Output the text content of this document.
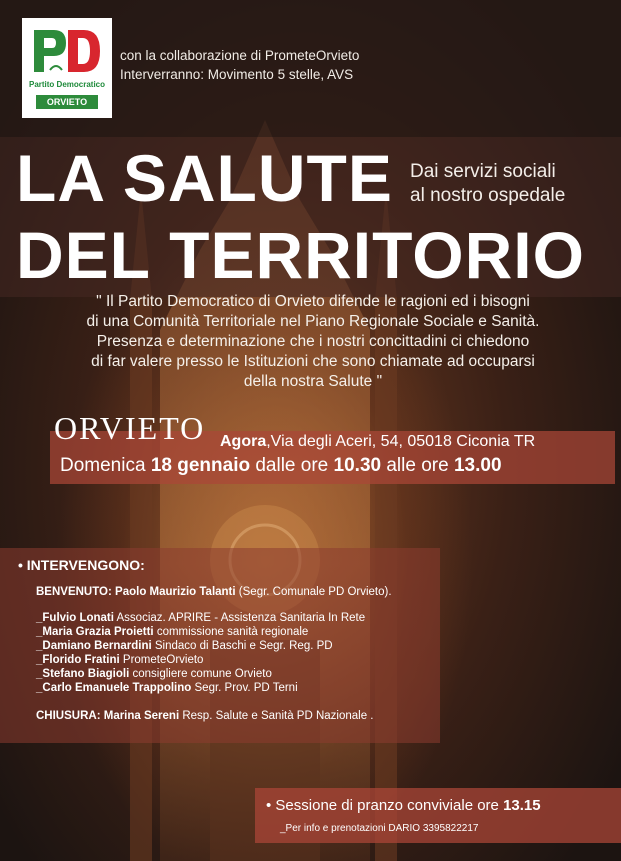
Partito Democratico
ORVIETO
con la collaborazione di PrometeOrvieto
Interverranno: Movimento 5 stelle, AVS
LA SALUTE
DEL TERRITORIO
Dai servizi sociali
al nostro ospedale
" Il Partito Democratico di Orvieto difende le ragioni ed i bisogni
di una Comunità Territoriale nel Piano Regionale Sociale e Sanità.
Presenza e determinazione che i nostri concittadini ci chiedono
di far valere presso le Istituzioni che sono chiamate ad occuparsi
della nostra Salute "
ORVIETO Agora,Via degli Aceri, 54, 05018 Ciconia TR
Domenica 18 gennaio dalle ore 10.30 alle ore 13.00
• INTERVENGONO:
BENVENUTO: Paolo Maurizio Talanti (Segr. Comunale PD Orvieto).
_Fulvio Lonati Associaz. APRIRE - Assistenza Sanitaria In Rete
_Maria Grazia Proietti commissione sanità regionale
_Damiano Bernardini Sindaco di Baschi e Segr. Reg. PD
_Florido Fratini PrometeOrvieto
_Stefano Biagioli consigliere comune Orvieto
_Carlo Emanuele Trappolino Segr. Prov. PD Terni
CHIUSURA: Marina Sereni Resp. Salute e Sanità PD Nazionale .
• Sessione di pranzo conviviale ore 13.15
_Per info e prenotazioni DARIO 3395822217
